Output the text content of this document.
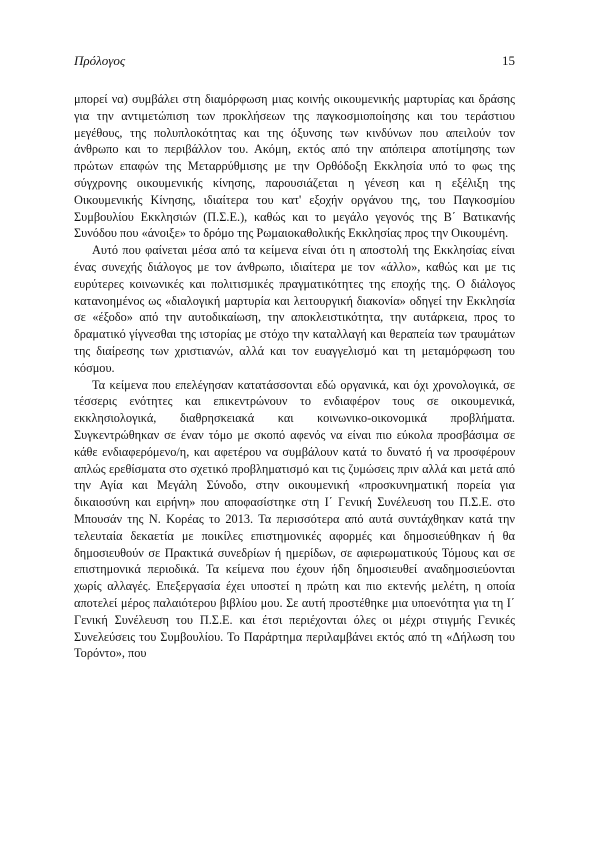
Πρόλογος	15

μπορεί να) συμβάλει στη διαμόρφωση μιας κοινής οικουμενικής μαρτυρίας και δράσης για την αντιμετώπιση των προκλήσεων της παγκοσμιοποίησης και του τεράστιου μεγέθους, της πολυπλοκότητας και της όξυνσης των κινδύνων που απειλούν τον άνθρωπο και το περιβάλλον του. Ακόμη, εκτός από την απόπειρα αποτίμησης των πρώτων επαφών της Μεταρρύθμισης με την Ορθόδοξη Εκκλησία υπό το φως της σύγχρονης οικουμενικής κίνησης, παρουσιάζεται η γένεση και η εξέλιξη της Οικουμενικής Κίνησης, ιδιαίτερα του κατ' εξοχήν οργάνου της, του Παγκοσμίου Συμβουλίου Εκκλησιών (Π.Σ.Ε.), καθώς και το μεγάλο γεγονός της Β΄ Βατικανής Συνόδου που «άνοιξε» το δρόμο της Ρωμαιοκαθολικής Εκκλησίας προς την Οικουμένη.

Αυτό που φαίνεται μέσα από τα κείμενα είναι ότι η αποστολή της Εκκλησίας είναι ένας συνεχής διάλογος με τον άνθρωπο, ιδιαίτερα με τον «άλλο», καθώς και με τις ευρύτερες κοινωνικές και πολιτισμικές πραγματικότητες της εποχής της. Ο διάλογος κατανοημένος ως «διαλογική μαρτυρία και λειτουργική διακονία» οδηγεί την Εκκλησία σε «έξοδο» από την αυτοδικαίωση, την αποκλειστικότητα, την αυτάρκεια, προς το δραματικό γίγνεσθαι της ιστορίας με στόχο την καταλλαγή και θεραπεία των τραυμάτων της διαίρεσης των χριστιανών, αλλά και τον ευαγγελισμό και τη μεταμόρφωση του κόσμου.

Τα κείμενα που επελέγησαν κατατάσσονται εδώ οργανικά, και όχι χρονολογικά, σε τέσσερις ενότητες και επικεντρώνουν το ενδιαφέρον τους σε οικουμενικά, εκκλησιολογικά, διαθρησκειακά και κοινωνικο-οικονομικά προβλήματα. Συγκεντρώθηκαν σε έναν τόμο με σκοπό αφενός να είναι πιο εύκολα προσβάσιμα σε κάθε ενδιαφερόμενο/η, και αφετέρου να συμβάλουν κατά το δυνατό ή να προσφέρουν απλώς ερεθίσματα στο σχετικό προβληματισμό και τις ζυμώσεις πριν αλλά και μετά από την Αγία και Μεγάλη Σύνοδο, στην οικουμενική «προσκυνηματική πορεία για δικαιοσύνη και ειρήνη» που αποφασίστηκε στη Ι΄ Γενική Συνέλευση του Π.Σ.Ε. στο Μπουσάν της Ν. Κορέας το 2013. Τα περισσότερα από αυτά συντάχθηκαν κατά την τελευταία δεκαετία με ποικίλες επιστημονικές αφορμές και δημοσιεύθηκαν ή θα δημοσιευθούν σε Πρακτικά συνεδρίων ή ημερίδων, σε αφιερωματικούς Τόμους και σε επιστημονικά περιοδικά. Τα κείμενα που έχουν ήδη δημοσιευθεί αναδημοσιεύονται χωρίς αλλαγές. Επεξεργασία έχει υποστεί η πρώτη και πιο εκτενής μελέτη, η οποία αποτελεί μέρος παλαιότερου βιβλίου μου. Σε αυτή προστέθηκε μια υποενότητα για τη Ι΄ Γενική Συνέλευση του Π.Σ.Ε. και έτσι περιέχονται όλες οι μέχρι στιγμής Γενικές Συνελεύσεις του Συμβουλίου. Το Παράρτημα περιλαμβάνει εκτός από τη «Δήλωση του Τορόντο», που
